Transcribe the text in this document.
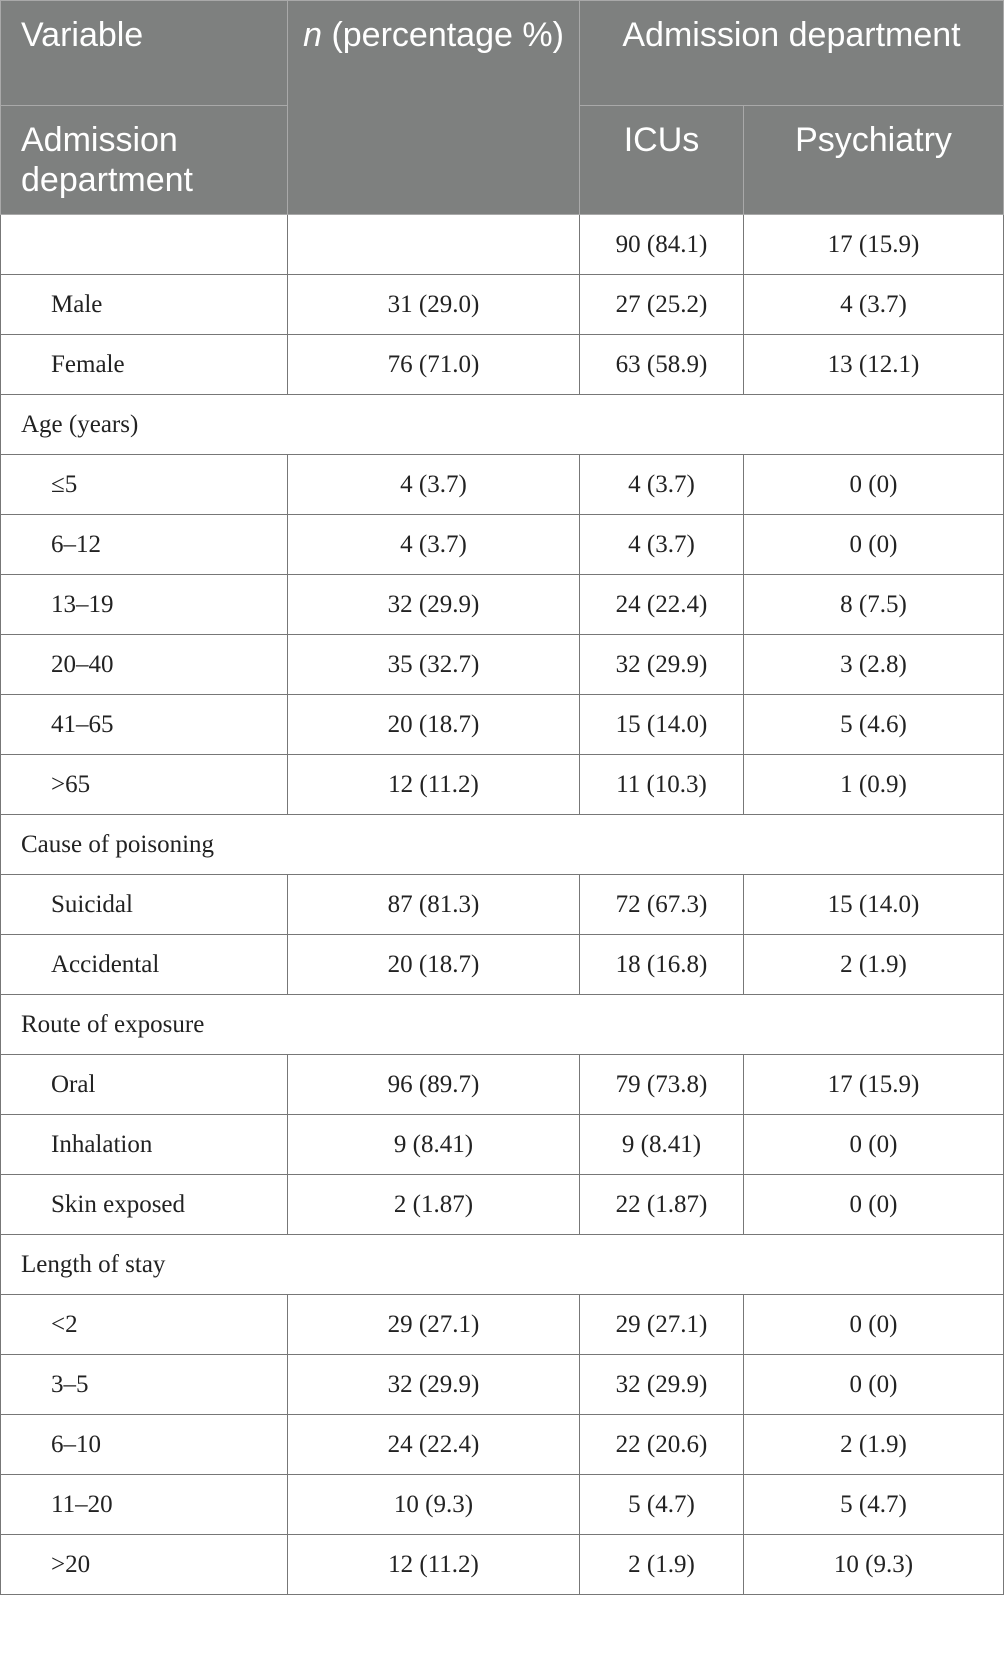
Variable	n (percentage %)	Admission department	
Admission department		ICUs	Psychiatry
		90 (84.1)	17 (15.9)
Male	31 (29.0)	27 (25.2)	4 (3.7)
Female	76 (71.0)	63 (58.9)	13 (12.1)
Age (years)			
≤5	4 (3.7)	4 (3.7)	0 (0)
6–12	4 (3.7)	4 (3.7)	0 (0)
13–19	32 (29.9)	24 (22.4)	8 (7.5)
20–40	35 (32.7)	32 (29.9)	3 (2.8)
41–65	20 (18.7)	15 (14.0)	5 (4.6)
>65	12 (11.2)	11 (10.3)	1 (0.9)
Cause of poisoning			
Suicidal	87 (81.3)	72 (67.3)	15 (14.0)
Accidental	20 (18.7)	18 (16.8)	2 (1.9)
Route of exposure			
Oral	96 (89.7)	79 (73.8)	17 (15.9)
Inhalation	9 (8.41)	9 (8.41)	0 (0)
Skin exposed	2 (1.87)	22 (1.87)	0 (0)
Length of stay			
<2	29 (27.1)	29 (27.1)	0 (0)
3–5	32 (29.9)	32 (29.9)	0 (0)
6–10	24 (22.4)	22 (20.6)	2 (1.9)
11–20	10 (9.3)	5 (4.7)	5 (4.7)
>20	12 (11.2)	2 (1.9)	10 (9.3)
